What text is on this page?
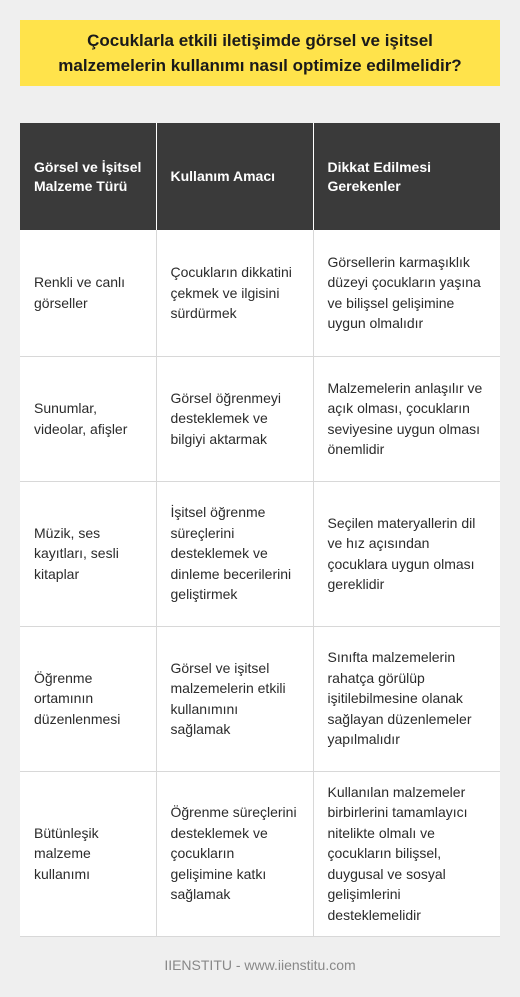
Çocuklarla etkili iletişimde görsel ve işitsel malzemelerin kullanımı nasıl optimize edilmelidir?
Görsel ve İşitsel Malzeme Türü	Kullanım Amacı	Dikkat Edilmesi Gerekenler
Renkli ve canlı görseller	Çocukların dikkatini çekmek ve ilgisini sürdürmek	Görsellerin karmaşıklık düzeyi çocukların yaşına ve bilişsel gelişimine uygun olmalıdır
Sunumlar, videolar, afişler	Görsel öğrenmeyi desteklemek ve bilgiyi aktarmak	Malzemelerin anlaşılır ve açık olması, çocukların seviyesine uygun olması önemlidir
Müzik, ses kayıtları, sesli kitaplar	İşitsel öğrenme süreçlerini desteklemek ve dinleme becerilerini geliştirmek	Seçilen materyallerin dil ve hız açısından çocuklara uygun olması gereklidir
Öğrenme ortamının düzenlenmesi	Görsel ve işitsel malzemelerin etkili kullanımını sağlamak	Sınıfta malzemelerin rahatça görülüp işitilebilmesine olanak sağlayan düzenlemeler yapılmalıdır
Bütünleşik malzeme kullanımı	Öğrenme süreçlerini desteklemek ve çocukların gelişimine katkı sağlamak	Kullanılan malzemeler birbirlerini tamamlayıcı nitelikte olmalı ve çocukların bilişsel, duygusal ve sosyal gelişimlerini desteklemelidir
IIENSTITU - www.iienstitu.com
